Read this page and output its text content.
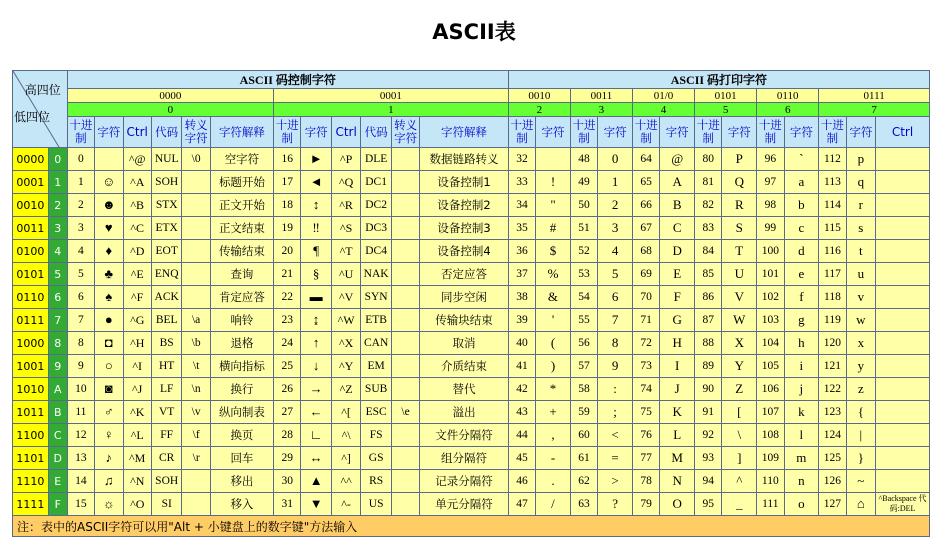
ASCII表
高四位
低四位		ASCII 码控制字符												ASCII 码打印字符												
		0000						0001						0010		0011		01/0		0101		0110		0111		
		0						1						2		3		4		5		6		7		
		十进制	字符	Ctrl	代码	转义字符	字符解释	十进制	字符	Ctrl	代码	转义字符	字符解释	十进制	字符	十进制	字符	十进制	字符	十进制	字符	十进制	字符	十进制	字符	Ctrl
0000	0	0		^@	NUL	\0	空字符	16	►	^P	DLE		数据链路转义	32		48	0	64	@	80	P	96	`	112	p	
0001	1	1	☺	^A	SOH		标题开始	17	◄	^Q	DC1		设备控制1	33	!	49	1	65	A	81	Q	97	a	113	q	
0010	2	2	☻	^B	STX		正文开始	18	↕	^R	DC2		设备控制2	34	"	50	2	66	B	82	R	98	b	114	r	
0011	3	3	♥	^C	ETX		正文结束	19	‼	^S	DC3		设备控制3	35	#	51	3	67	C	83	S	99	c	115	s	
0100	4	4	♦	^D	EOT		传输结束	20	¶	^T	DC4		设备控制4	36	$	52	4	68	D	84	T	100	d	116	t	
0101	5	5	♣	^E	ENQ		查询	21	§	^U	NAK		否定应答	37	%	53	5	69	E	85	U	101	e	117	u	
0110	6	6	♠	^F	ACK		肯定应答	22	▬	^V	SYN		同步空闲	38	&	54	6	70	F	86	V	102	f	118	v	
0111	7	7	●	^G	BEL	\a	响铃	23	↨	^W	ETB		传输块结束	39	'	55	7	71	G	87	W	103	g	119	w	
1000	8	8	◘	^H	BS	\b	退格	24	↑	^X	CAN		取消	40	(	56	8	72	H	88	X	104	h	120	x	
1001	9	9	○	^I	HT	\t	横向指标	25	↓	^Y	EM		介质结束	41	)	57	9	73	I	89	Y	105	i	121	y	
1010	A	10	◙	^J	LF	\n	换行	26	→	^Z	SUB		替代	42	*	58	:	74	J	90	Z	106	j	122	z	
1011	B	11	♂	^K	VT	\v	纵向制表	27	←	^[	ESC	\e	溢出	43	+	59	;	75	K	91	[	107	k	123	{	
1100	C	12	♀	^L	FF	\f	换页	28	∟	^\	FS		文件分隔符	44	,	60	<	76	L	92	\	108	l	124	|	
1101	D	13	♪	^M	CR	\r	回车	29	↔	^]	GS		组分隔符	45	-	61	=	77	M	93	]	109	m	125	}	
1110	E	14	♫	^N	SOH		移出	30	▲	^^	RS		记录分隔符	46	.	62	>	78	N	94	^	110	n	126	~	
1111	F	15	☼	^O	SI		移入	31	▼	^-	US		单元分隔符	47	/	63	?	79	O	95	_	111	o	127	⌂	^Backspace 代码:DEL
注：表中的ASCII字符可以用"Alt + 小键盘上的数字键"方法输入																										
